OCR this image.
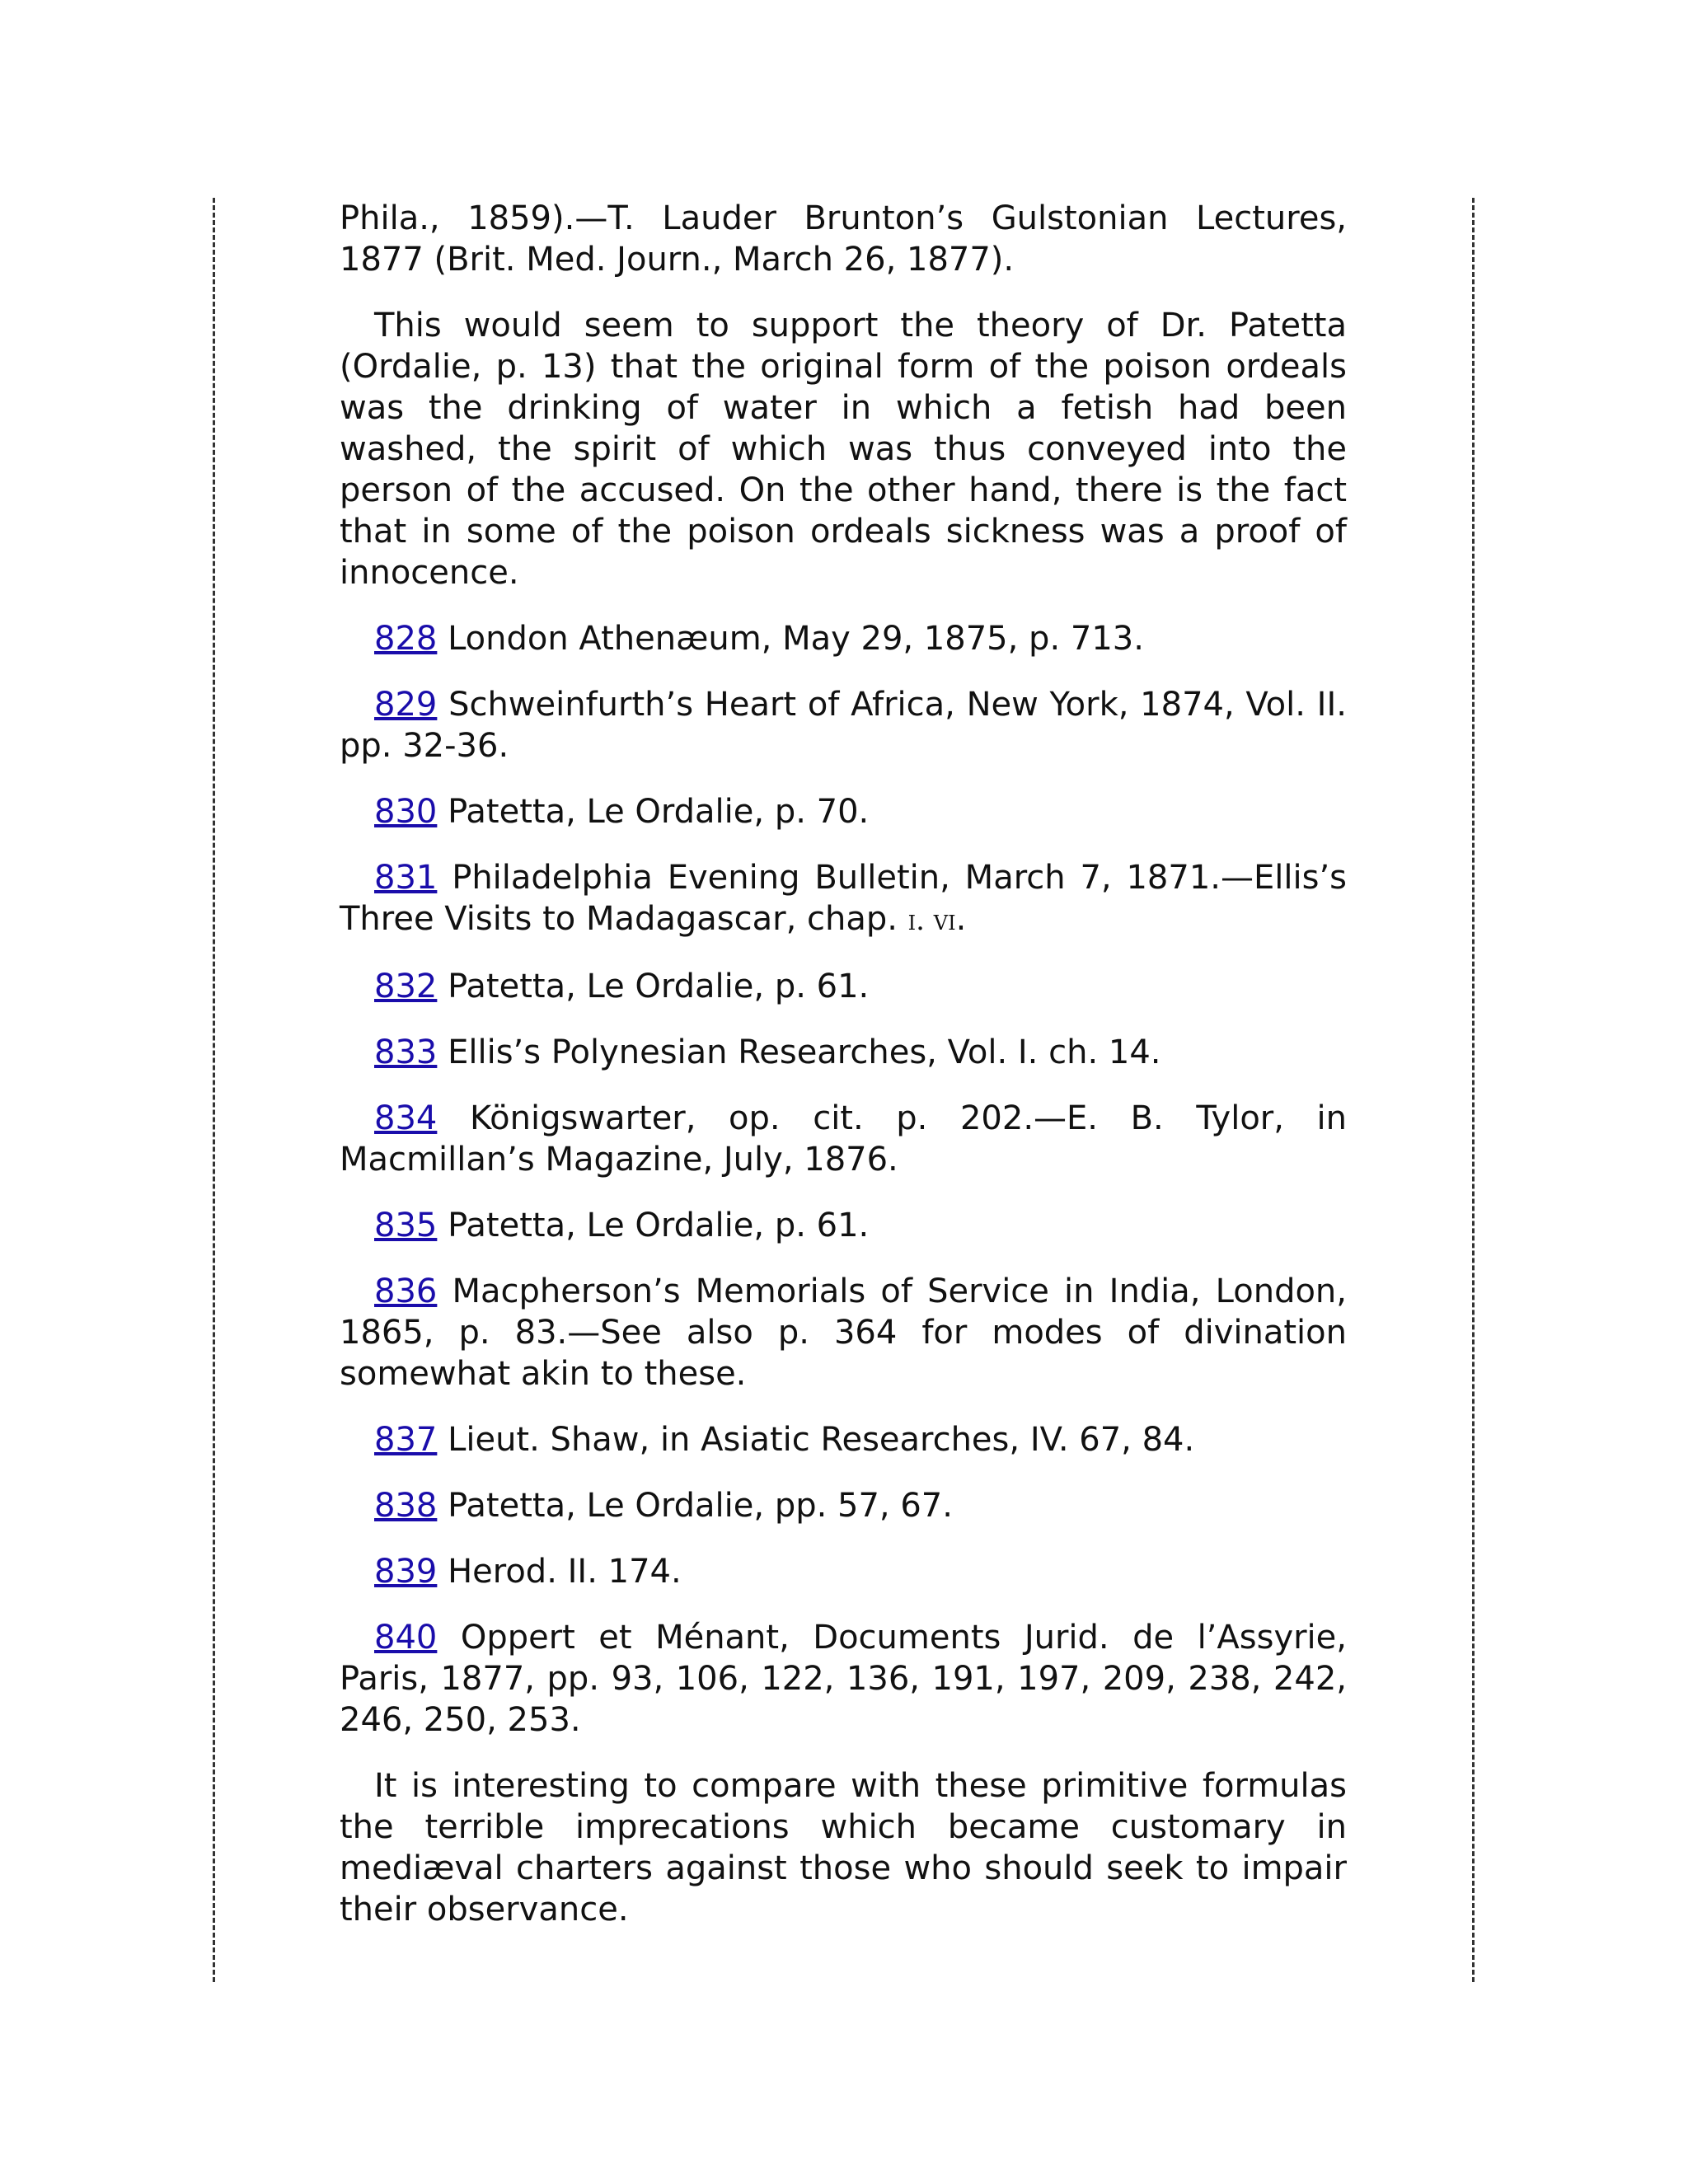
Phila., 1859).—T. Lauder Brunton’s Gulstonian Lectures, 1877 (Brit. Med. Journ., March 26, 1877).

This would seem to support the theory of Dr. Patetta (Ordalie, p. 13) that the original form of the poison ordeals was the drinking of water in which a fetish had been washed, the spirit of which was thus conveyed into the person of the accused. On the other hand, there is the fact that in some of the poison ordeals sickness was a proof of innocence.

828 London Athenæum, May 29, 1875, p. 713.

829 Schweinfurth’s Heart of Africa, New York, 1874, Vol. II. pp. 32-36.

830 Patetta, Le Ordalie, p. 70.

831 Philadelphia Evening Bulletin, March 7, 1871.—Ellis’s Three Visits to Madagascar, chap. i. vi.

832 Patetta, Le Ordalie, p. 61.

833 Ellis’s Polynesian Researches, Vol. I. ch. 14.

834 Königswarter, op. cit. p. 202.—E. B. Tylor, in Macmillan’s Magazine, July, 1876.

835 Patetta, Le Ordalie, p. 61.

836 Macpherson’s Memorials of Service in India, London, 1865, p. 83.—See also p. 364 for modes of divination somewhat akin to these.

837 Lieut. Shaw, in Asiatic Researches, IV. 67, 84.

838 Patetta, Le Ordalie, pp. 57, 67.

839 Herod. II. 174.

840 Oppert et Ménant, Documents Jurid. de l’Assyrie, Paris, 1877, pp. 93, 106, 122, 136, 191, 197, 209, 238, 242, 246, 250, 253.

It is interesting to compare with these primitive formulas the terrible imprecations which became customary in mediæval charters against those who should seek to impair their observance.
